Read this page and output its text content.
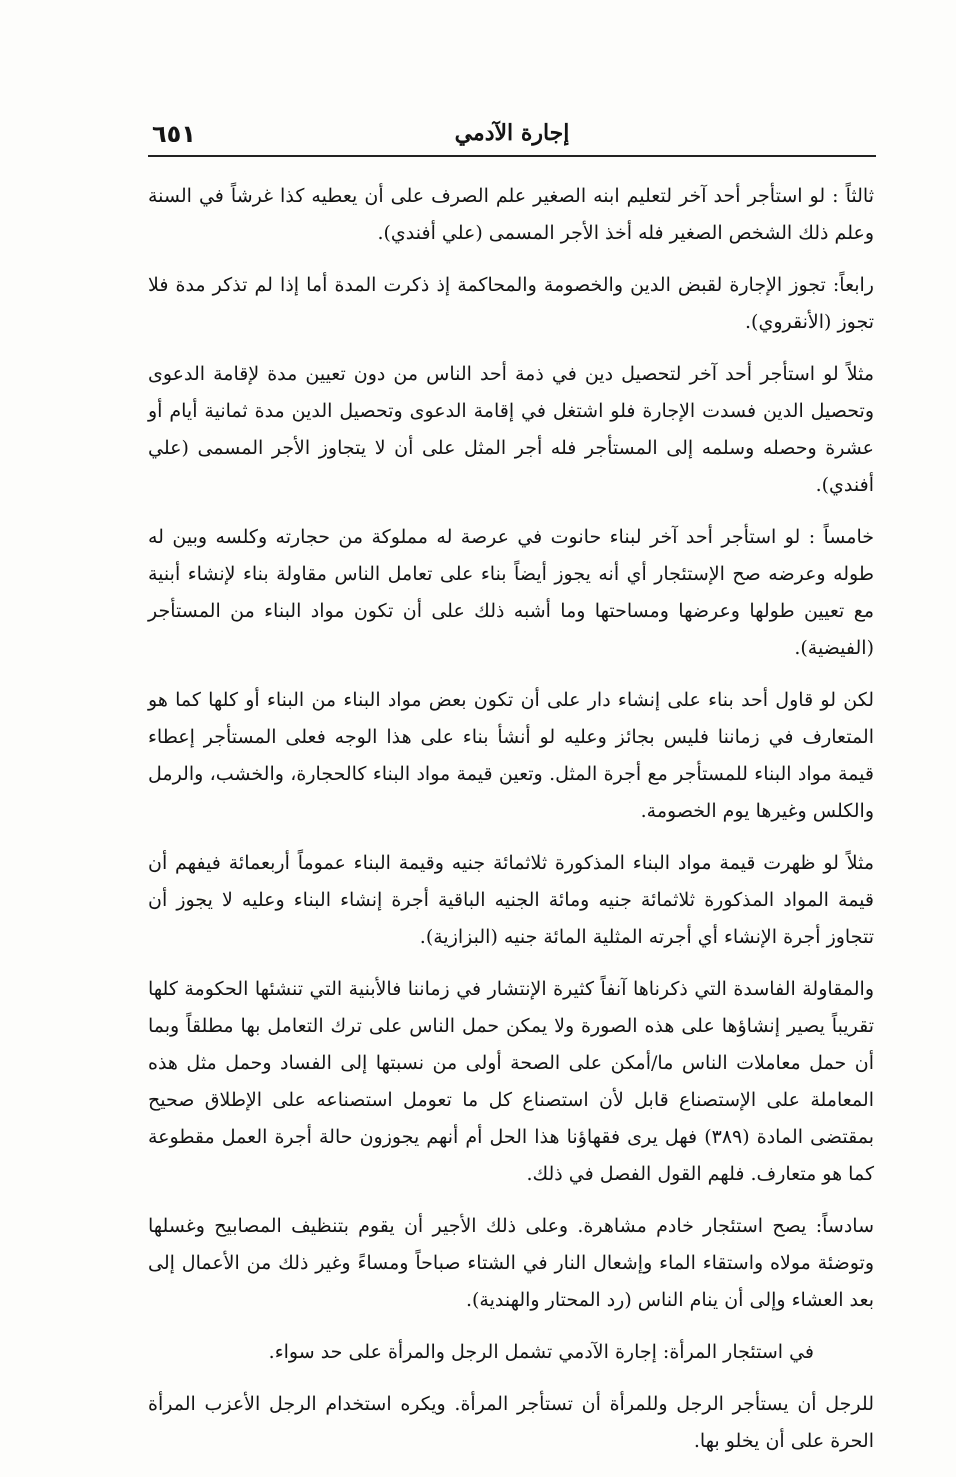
٦٥١	إجارة الآدمي

ثالثاً : لو استأجر أحد آخر لتعليم ابنه الصغير علم الصرف على أن يعطيه كذا غرشاً في السنة وعلم ذلك الشخص الصغير فله أخذ الأجر المسمى (علي أفندي).

رابعاً: تجوز الإجارة لقبض الدين والخصومة والمحاكمة إذ ذكرت المدة أما إذا لم تذكر مدة فلا تجوز (الأنقروي).

مثلاً لو استأجر أحد آخر لتحصيل دين في ذمة أحد الناس من دون تعيين مدة لإقامة الدعوى وتحصيل الدين فسدت الإجارة فلو اشتغل في إقامة الدعوى وتحصيل الدين مدة ثمانية أيام أو عشرة وحصله وسلمه إلى المستأجر فله أجر المثل على أن لا يتجاوز الأجر المسمى (علي أفندي).

خامساً : لو استأجر أحد آخر لبناء حانوت في عرصة له مملوكة من حجارته وكلسه وبين له طوله وعرضه صح الإستئجار أي أنه يجوز أيضاً بناء على تعامل الناس مقاولة بناء لإنشاء أبنية مع تعيين طولها وعرضها ومساحتها وما أشبه ذلك على أن تكون مواد البناء من المستأجر (الفيضية).

لكن لو قاول أحد بناء على إنشاء دار على أن تكون بعض مواد البناء من البناء أو كلها كما هو المتعارف في زماننا فليس بجائز وعليه لو أنشأ بناء على هذا الوجه فعلى المستأجر إعطاء قيمة مواد البناء للمستأجر مع أجرة المثل. وتعين قيمة مواد البناء كالحجارة، والخشب، والرمل والكلس وغيرها يوم الخصومة.

مثلاً لو ظهرت قيمة مواد البناء المذكورة ثلاثمائة جنيه وقيمة البناء عموماً أربعمائة فيفهم أن قيمة المواد المذكورة ثلاثمائة جنيه ومائة الجنيه الباقية أجرة إنشاء البناء وعليه لا يجوز أن تتجاوز أجرة الإنشاء أي أجرته المثلية المائة جنيه (البزازية).

والمقاولة الفاسدة التي ذكرناها آنفاً كثيرة الإنتشار في زماننا فالأبنية التي تنشئها الحكومة كلها تقريباً يصير إنشاؤها على هذه الصورة ولا يمكن حمل الناس على ترك التعامل بها مطلقاً وبما أن حمل معاملات الناس ما/أمكن على الصحة أولى من نسبتها إلى الفساد وحمل مثل هذه المعاملة على الإستصناع قابل لأن استصناع كل ما تعومل استصناعه على الإطلاق صحيح بمقتضى المادة (٣٨٩) فهل يرى فقهاؤنا هذا الحل أم أنهم يجوزون حالة أجرة العمل مقطوعة كما هو متعارف. فلهم القول الفصل في ذلك.

سادساً: يصح استئجار خادم مشاهرة. وعلى ذلك الأجير أن يقوم بتنظيف المصابيح وغسلها وتوضئة مولاه واستقاء الماء وإشعال النار في الشتاء صباحاً ومساءً وغير ذلك من الأعمال إلى بعد العشاء وإلى أن ينام الناس (رد المحتار والهندية).

في استئجار المرأة: إجارة الآدمي تشمل الرجل والمرأة على حد سواء.

للرجل أن يستأجر الرجل وللمرأة أن تستأجر المرأة. ويكره استخدام الرجل الأعزب المرأة الحرة على أن يخلو بها.
